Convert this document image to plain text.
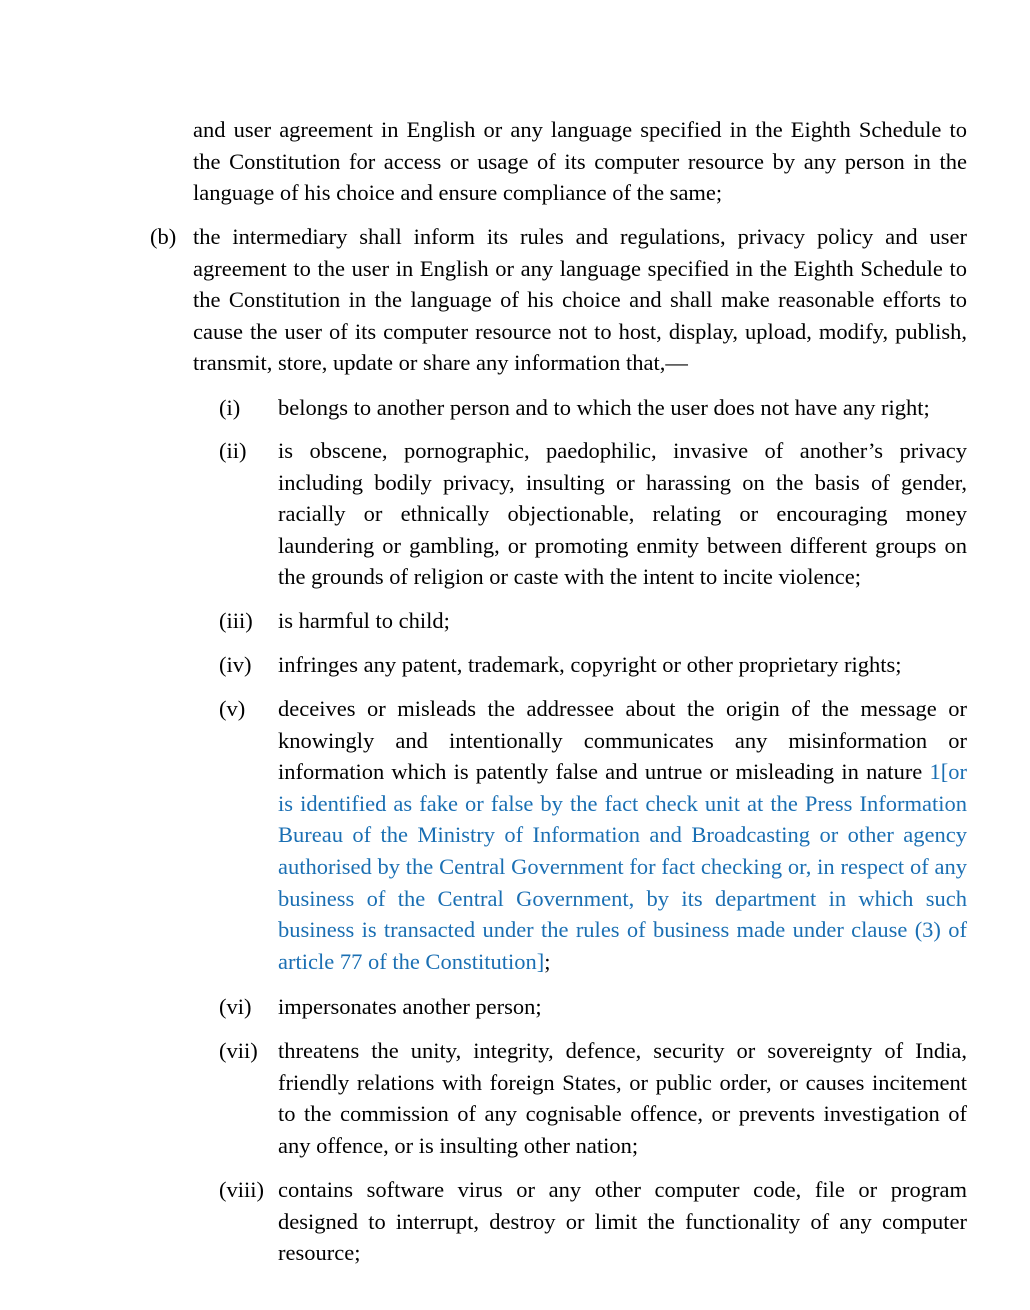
and user agreement in English or any language specified in the Eighth Schedule to the Constitution for access or usage of its computer resource by any person in the language of his choice and ensure compliance of the same;

(b) the intermediary shall inform its rules and regulations, privacy policy and user agreement to the user in English or any language specified in the Eighth Schedule to the Constitution in the language of his choice and shall make reasonable efforts to cause the user of its computer resource not to host, display, upload, modify, publish, transmit, store, update or share any information that,—

(i) belongs to another person and to which the user does not have any right;

(ii) is obscene, pornographic, paedophilic, invasive of another’s privacy including bodily privacy, insulting or harassing on the basis of gender, racially or ethnically objectionable, relating or encouraging money laundering or gambling, or promoting enmity between different groups on the grounds of religion or caste with the intent to incite violence;

(iii) is harmful to child;

(iv) infringes any patent, trademark, copyright or other proprietary rights;

(v) deceives or misleads the addressee about the origin of the message or knowingly and intentionally communicates any misinformation or information which is patently false and untrue or misleading in nature 1[or is identified as fake or false by the fact check unit at the Press Information Bureau of the Ministry of Information and Broadcasting or other agency authorised by the Central Government for fact checking or, in respect of any business of the Central Government, by its department in which such business is transacted under the rules of business made under clause (3) of article 77 of the Constitution];

(vi) impersonates another person;

(vii) threatens the unity, integrity, defence, security or sovereignty of India, friendly relations with foreign States, or public order, or causes incitement to the commission of any cognisable offence, or prevents investigation of any offence, or is insulting other nation;

(viii) contains software virus or any other computer code, file or program designed to interrupt, destroy or limit the functionality of any computer resource;
